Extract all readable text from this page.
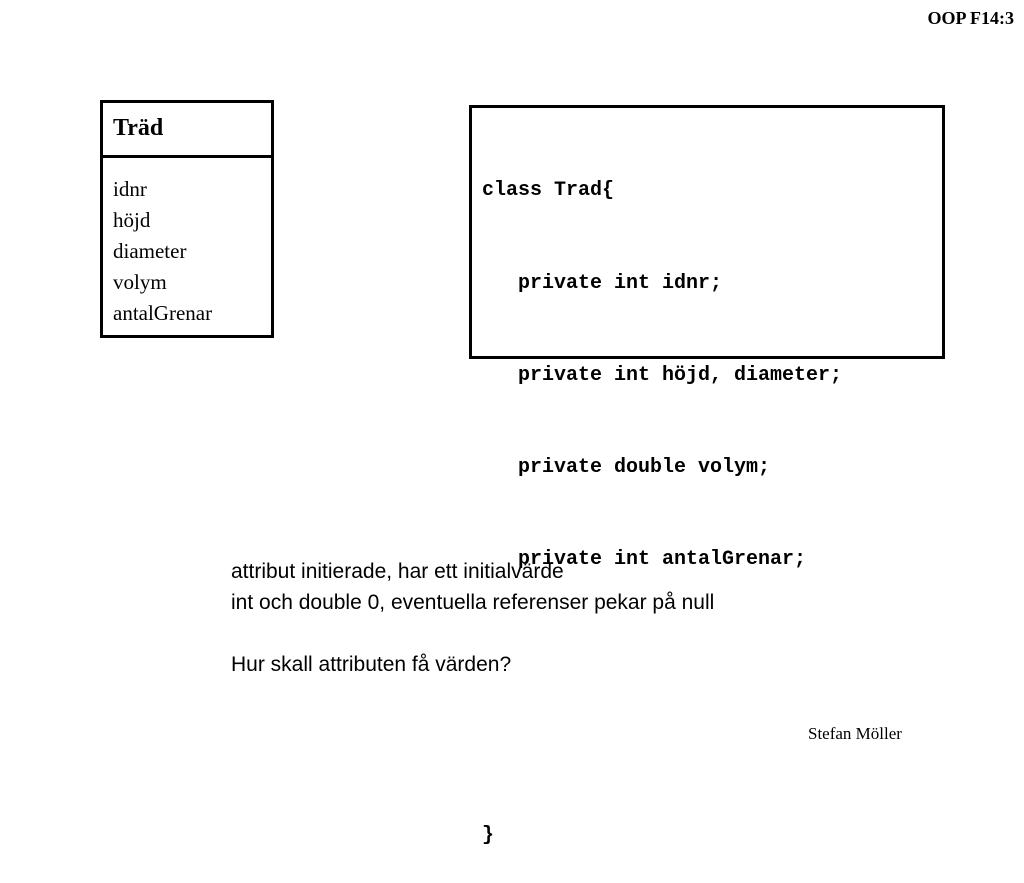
OOP F14:3
Träd
idnr
höjd
diameter
volym
antalGrenar

class Trad{

private int idnr;

private int höjd, diameter;

private double volym;

private int antalGrenar;

}

attribut initierade, har ett initialvärde
int och double 0, eventuella referenser pekar på null
Hur skall attributen få värden?
Stefan Möller
